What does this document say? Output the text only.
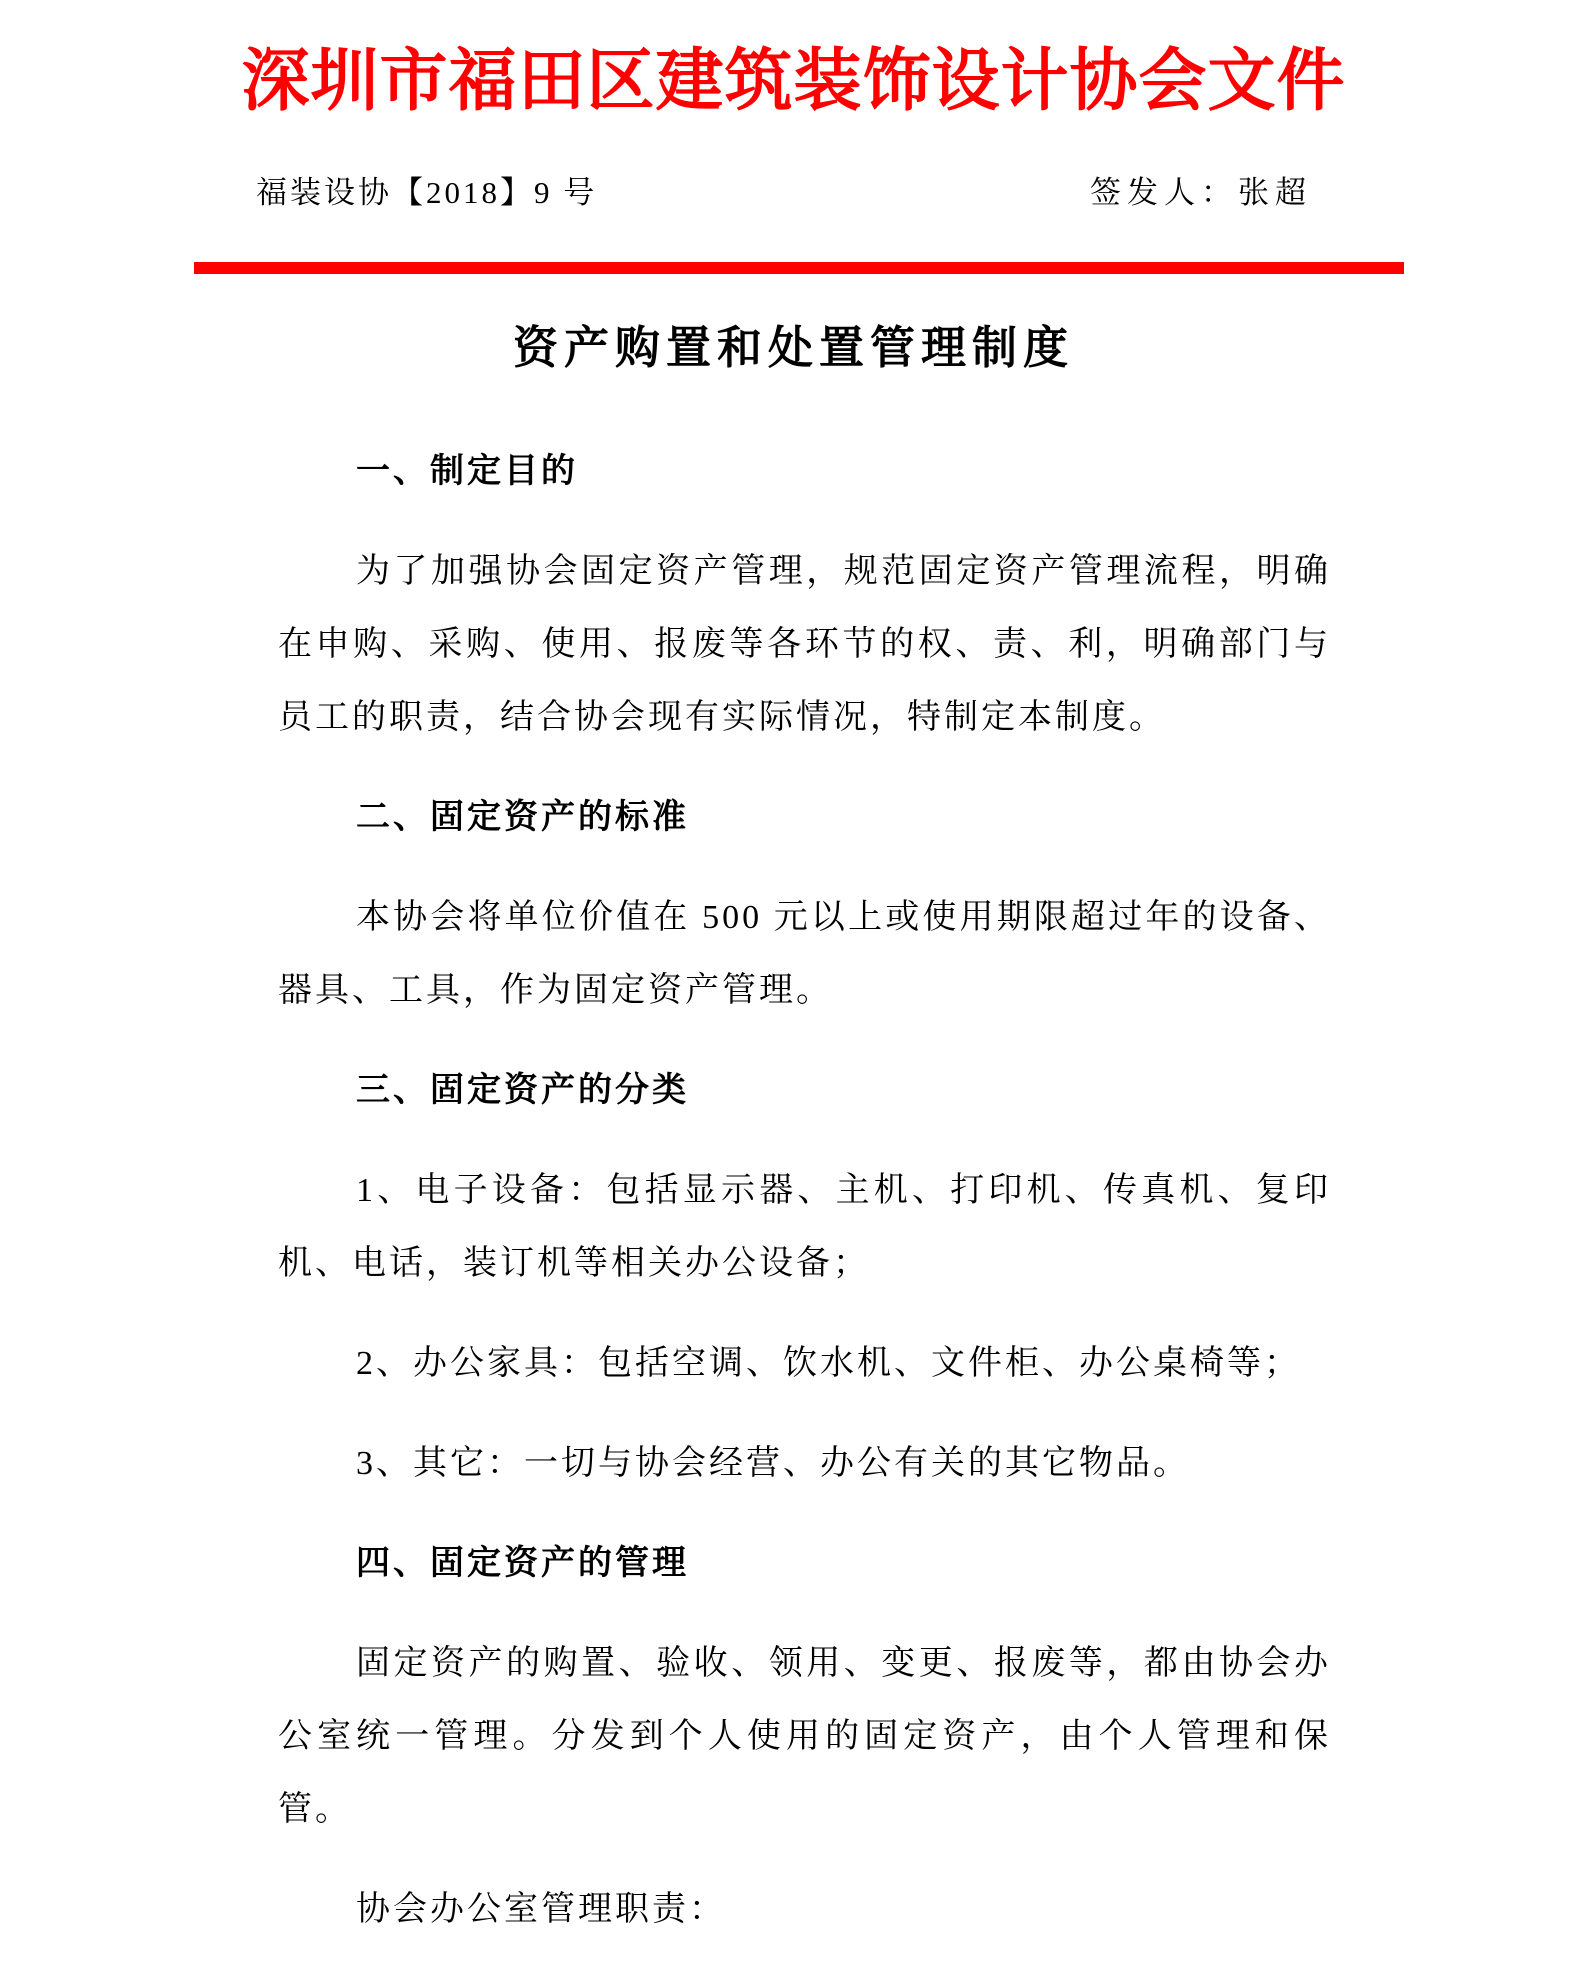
深圳市福田区建筑装饰设计协会文件
福装设协【2018】9 号	签发人：张超
资产购置和处置管理制度

一、制定目的

为了加强协会固定资产管理，规范固定资产管理流程，明确在申购、采购、使用、报废等各环节的权、责、利，明确部门与员工的职责，结合协会现有实际情况，特制定本制度。

二、固定资产的标准

本协会将单位价值在 500 元以上或使用期限超过年的设备、器具、工具，作为固定资产管理。

三、固定资产的分类

1、电子设备：包括显示器、主机、打印机、传真机、复印机、电话，装订机等相关办公设备；

2、办公家具：包括空调、饮水机、文件柜、办公桌椅等；

3、其它：一切与协会经营、办公有关的其它物品。

四、固定资产的管理

固定资产的购置、验收、领用、变更、报废等，都由协会办公室统一管理。分发到个人使用的固定资产，由个人管理和保管。

协会办公室管理职责：
